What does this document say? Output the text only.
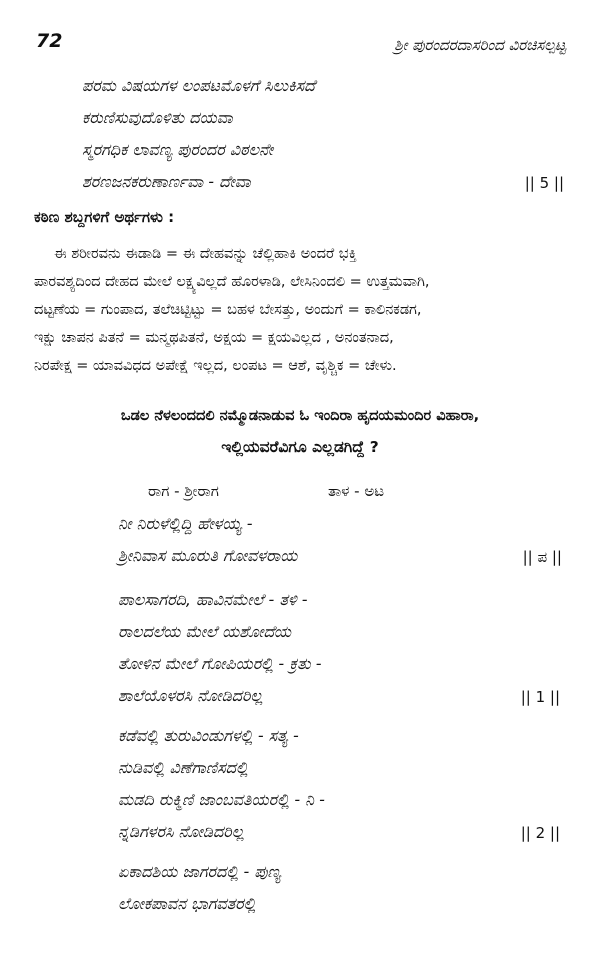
72	ಶ್ರೀ ಪುರಂದರದಾಸರಿಂದ ವಿರಚಿಸಲ್ಪಟ್ಟ
ಪರಮ ವಿಷಯಗಳ ಲಂಪಟಮೊಳಗೆ ಸಿಲುಕಿಸದೆ
ಕರುಣಿಸುವುದೊಳಿತು ದಯವಾ
ಸ್ಮರಗಧಿಕ ಲಾವಣ್ಯ ಪುರಂದರ ವಿಠಲನೇ
ಶರಣಜನಕರುಣಾರ್ಣವಾ - ದೇವಾ	|| 5 ||
ಕಠಿಣ ಶಬ್ದಗಳಿಗೆ ಅರ್ಥಗಳು :
ಈ ಶರೀರವನು ಈಡಾಡಿ = ಈ ದೇಹವನ್ನು ಚೆಲ್ಲಿಹಾಕಿ ಅಂದರೆ ಭಕ್ತಿ
ಪಾರವಶ್ಯದಿಂದ ದೇಹದ ಮೇಲೆ ಲಕ್ಷ್ಯವಿಲ್ಲದೆ ಹೊರಳಾಡಿ, ಲೇಸಿನಿಂದಲಿ = ಉತ್ತಮವಾಗಿ,
ದಟ್ಟಣೆಯ = ಗುಂಪಾದ, ತಲೆಚಿಟ್ಟಿಟ್ಟು = ಬಹಳ ಬೇಸತ್ತು, ಅಂದುಗೆ = ಕಾಲಿನಕಡಗ,
ಇಕ್ಷು ಚಾಪನ ಪಿತನೆ = ಮನ್ಮಥಪಿತನೆ, ಅಕ್ಷಯ = ಕ್ಷಯವಿಲ್ಲದ , ಅನಂತನಾದ,
ನಿರಪೇಕ್ಷ = ಯಾವವಿಧದ ಅಪೇಕ್ಷೆ ಇಲ್ಲದ, ಲಂಪಟ = ಆಶೆ, ವೃಶ್ಚಿಕ = ಚೇಳು.
ಒಡಲ ನೆಳಲಂದದಲಿ ನಮ್ಮೊಡನಾಡುವ ಓ ಇಂದಿರಾ ಹೃದಯಮಂದಿರ ವಿಹಾರಾ,
ಇಲ್ಲಿಯವರೆವಿಗೂ ಎಲ್ಲಡಗಿದ್ದೆ ?
ರಾಗ - ಶ್ರೀರಾಗ	ತಾಳ - ಅಟ
ನೀ ನಿರುಳೆಲ್ಲಿದ್ದಿ ಹೇಳಯ್ಯ -
ಶ್ರೀನಿವಾಸ ಮೂರುತಿ ಗೋವಳರಾಯ	|| ಪ ||
ಪಾಲಸಾಗರದಿ, ಹಾವಿನಮೇಲೆ - ತಳಿ -
ರಾಲದಲೆಯ ಮೇಲೆ ಯಶೋದೆಯ
ತೋಳಿನ ಮೇಲೆ ಗೋಪಿಯರಲ್ಲಿ - ಕ್ರತು -
ಶಾಲೆಯೊಳರಸಿ ನೋಡಿದರಿಲ್ಲ	|| 1 ||
ಕಡೆವಲ್ಲಿ ತುರುವಿಂಡುಗಳಲ್ಲಿ - ಸತ್ಯ -
ನುಡಿವಲ್ಲಿ ವಿಣೆಗಾಣಿಸದಲ್ಲಿ
ಮಡದಿ ರುಕ್ಮಿಣಿ ಜಾಂಬವತಿಯರಲ್ಲಿ - ನಿ -
ನ್ನಡಿಗಳರಸಿ ನೋಡಿದರಿಲ್ಲ	|| 2 ||
ಏಕಾದಶಿಯ ಜಾಗರದಲ್ಲಿ - ಪುಣ್ಯ
ಲೋಕಪಾವನ ಭಾಗವತರಲ್ಲಿ
